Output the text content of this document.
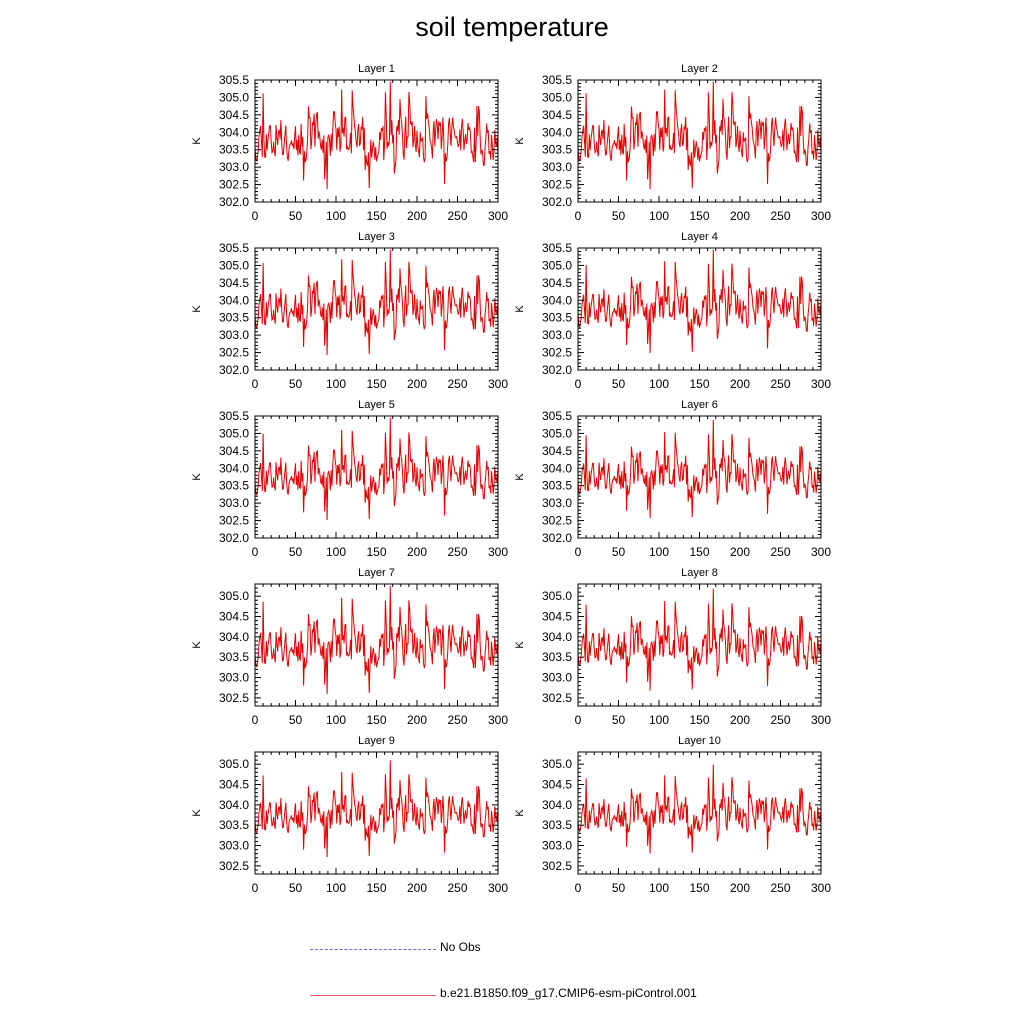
soil temperature
Layer 1
K
0	50 100 150 200 250 300
302.0
302.5
303.0
303.5
304.0
304.5
305.0
305.5
Layer 2
K
0	50 100 150 200 250 300
302.0
302.5
303.0
303.5
304.0
304.5
305.0
305.5
Layer 3
K
0	50 100 150 200 250 300
302.0
302.5
303.0
303.5
304.0
304.5
305.0
305.5
Layer 4
K
0	50 100 150 200 250 300
302.0
302.5
303.0
303.5
304.0
304.5
305.0
305.5
Layer 5
K
0	50 100 150 200 250 300
302.0
302.5
303.0
303.5
304.0
304.5
305.0
305.5
Layer 6
K
0	50 100 150 200 250 300
302.0
302.5
303.0
303.5
304.0
304.5
305.0
305.5
Layer 7
K
0	50 100 150 200 250 300
302.5
303.0
303.5
304.0
304.5
305.0
Layer 8
K
0	50 100 150 200 250 300
302.5
303.0
303.5
304.0
304.5
305.0
Layer 9
K
0	50 100 150 200 250 300
302.5
303.0
303.5
304.0
304.5
305.0
Layer 10
K
0	50 100 150 200 250 300
302.5
303.0
303.5
304.0
304.5
305.0
No Obs
b.e21.B1850.f09_g17.CMIP6-esm-piControl.001
